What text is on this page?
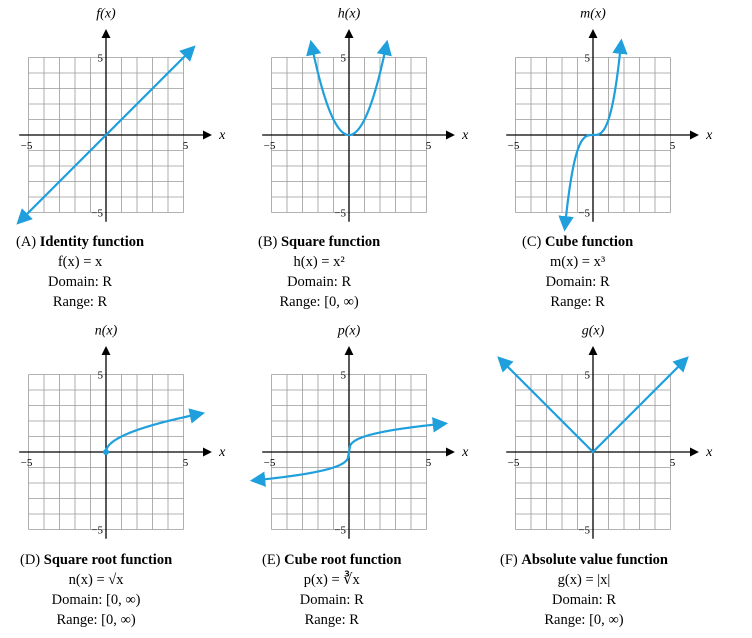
f(x)
x
−5	5
5
−5
h(x)
x
−5	5
5
−5
m(x)
x
−5	5
5
−5
n(x)
x
−5	5
5
−5
p(x)
x
−5	5
5
−5
g(x)
x
−5	5
5
−5
(A) Identity function
f(x) = x
Domain: R
Range: R
(B) Square function
h(x) = x²
Domain: R
Range: [0, ∞)
(C) Cube function
m(x) = x³
Domain: R
Range: R
(D) Square root function
n(x) = √x
Domain: [0, ∞)
Range: [0, ∞)
(E) Cube root function
p(x) = ∛x
Domain: R
Range: R
(F) Absolute value function
g(x) = |x|
Domain: R
Range: [0, ∞)
